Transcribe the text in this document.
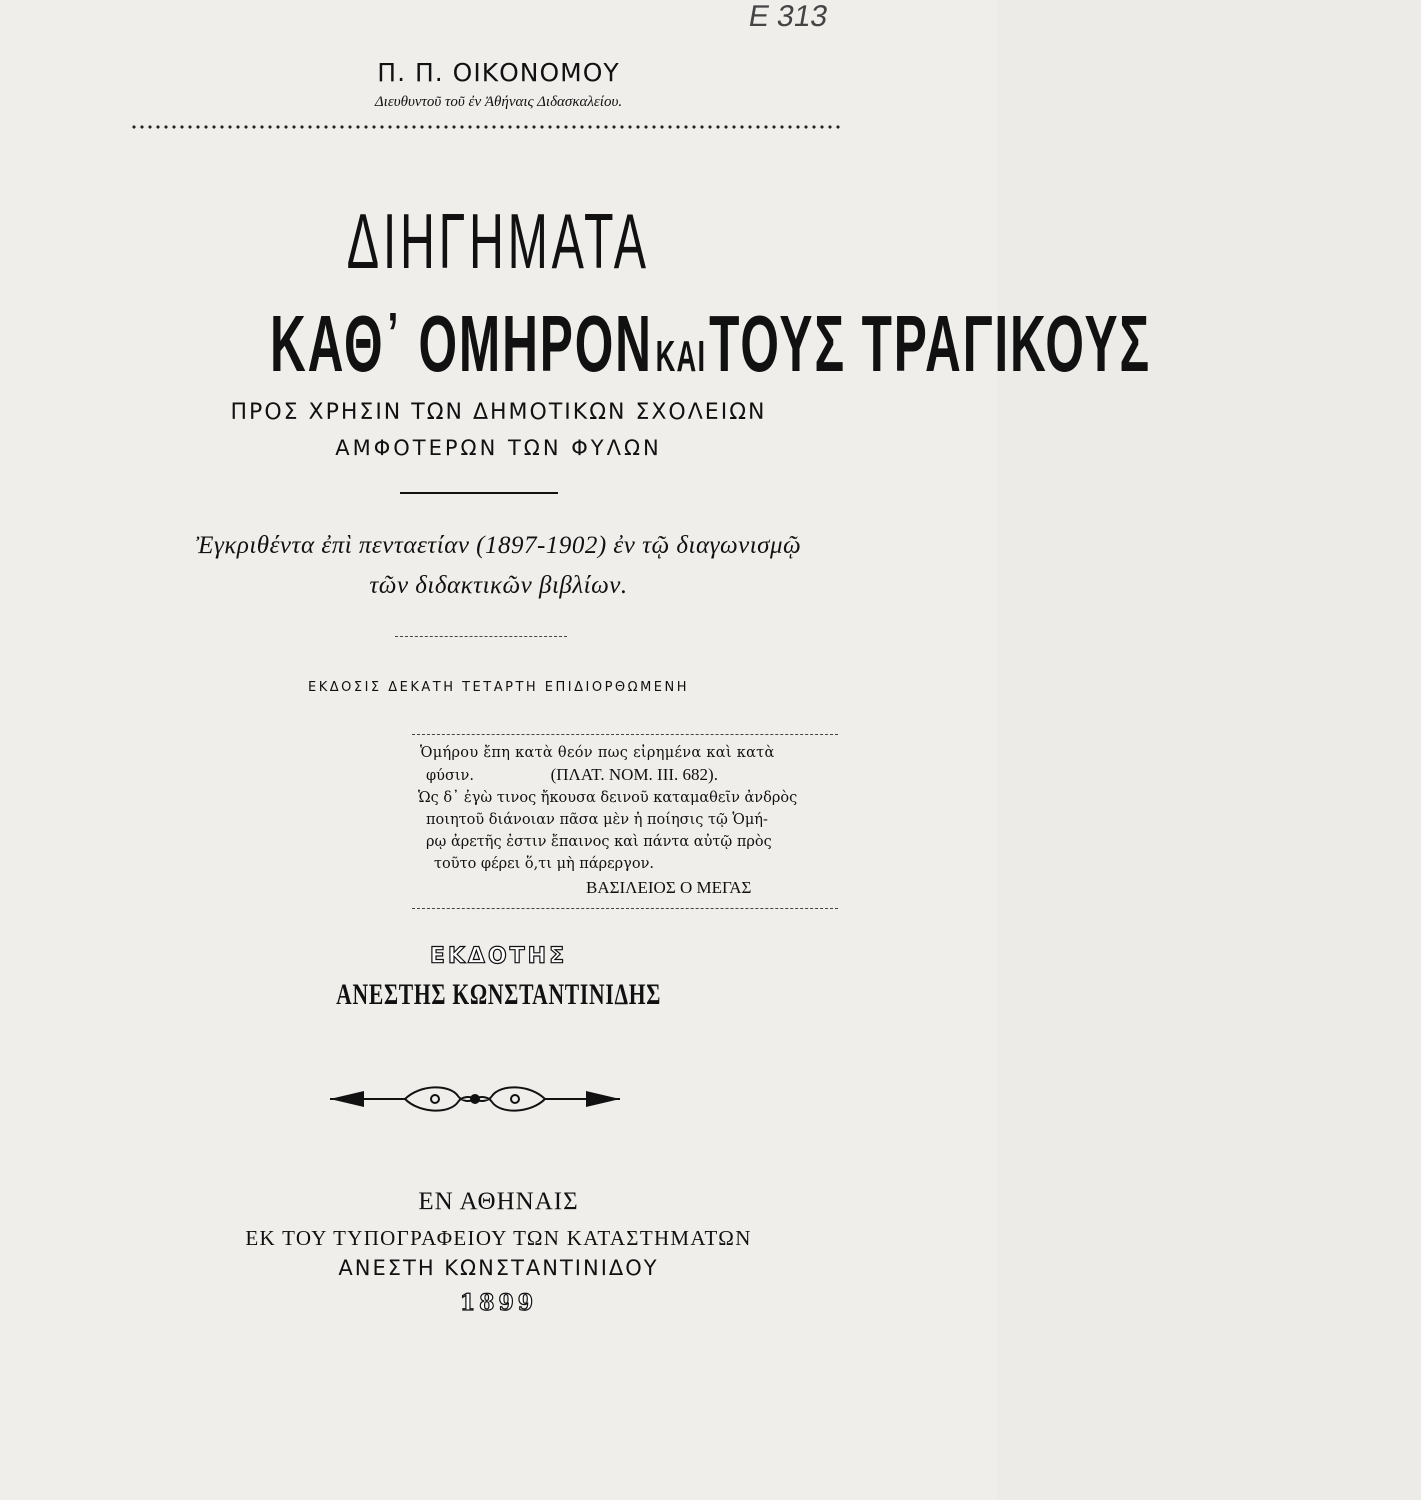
E 313
Π. Π. ΟΙΚΟΝΟΜΟΥ
Διευθυντοῦ τοῦ ἐν Ἀθήναις Διδασκαλείου.
ΔΙΗΓΗΜΑΤΑ
ΚΑΘ᾿ ΟΜΗΡΟΝ ΚΑΙ ΤΟΥΣ ΤΡΑΓΙΚΟΥΣ
ΠΡΟΣ ΧΡΗΣΙΝ ΤΩΝ ΔΗΜΟΤΙΚΩΝ ΣΧΟΛΕΙΩΝ
ΑΜΦΟΤΕΡΩΝ ΤΩΝ ΦΥΛΩΝ
Ἐγκριθέντα ἐπὶ πενταετίαν (1897-1902) ἐν τῷ διαγωνισμῷ
τῶν διδακτικῶν βιβλίων.
ΕΚΔΟΣΙΣ ΔΕΚΑΤΗ ΤΕΤΑΡΤΗ ΕΠΙΔΙΟΡΘΩΜΕΝΗ
Ὁμήρου ἔπη κατὰ θεόν πως εἰρημένα καὶ κατὰ
φύσιν.	(ΠΛΑΤ. ΝΟΜ. ΙΙΙ. 682).
Ὡς δ᾿ ἐγὼ τινος ἤκουσα δεινοῦ καταμαθεῖν ἀνδρὸς
ποιητοῦ διάνοιαν πᾶσα μὲν ἡ ποίησις τῷ Ὁμή-
ρῳ ἀρετῆς ἐστιν ἔπαινος καὶ πάντα αὐτῷ πρὸς
τοῦτο φέρει ὅ,τι μὴ πάρεργον.
ΒΑΣΙΛΕΙΟΣ Ο ΜΕΓΑΣ
ΕΚΔΟΤΗΣ
ΑΝΕΣΤΗΣ ΚΩΝΣΤΑΝΤΙΝΙΔΗΣ
ΕΝ ΑΘΗΝΑΙΣ
ΕΚ ΤΟΥ ΤΥΠΟΓΡΑΦΕΙΟΥ ΤΩΝ ΚΑΤΑΣΤΗΜΑΤΩΝ
ΑΝΕΣΤΗ ΚΩΝΣΤΑΝΤΙΝΙΔΟΥ
1899
